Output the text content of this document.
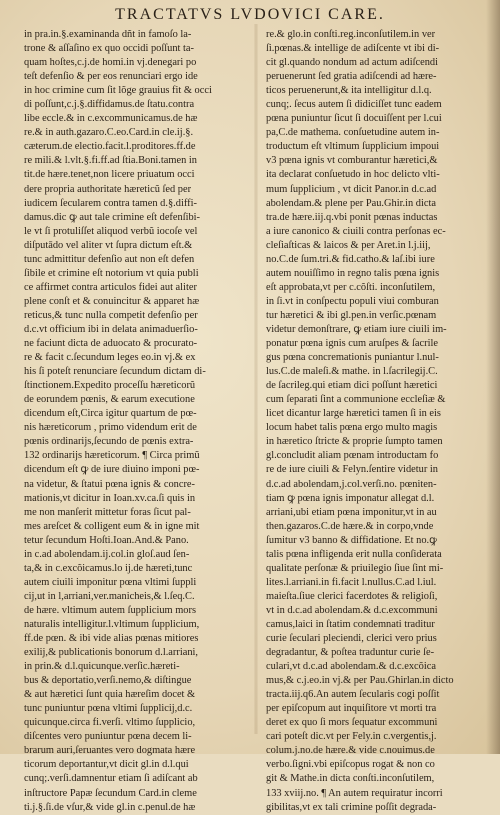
TRACTATVS LVDOVICI CARE.
in pra.in.§.examinanda dñt in famoſo la-
trone & aſſaſino ex quo occidi poſſunt ta-
quam hoſtes,c.j.de homi.in vj.denegari po
teſt defenſio & per eos renunciari ergo ide
in hoc crimine cum ſit lõge grauius fit & occi
di poſſunt,c.j.§.diffidamus.de ſtatu.contra
libe eccle.& in c.excommunicamus.de hæ
re.& in auth.gazaro.C.eo.Card.in cle.ij.§.
cæterum.de electio.facit.l.proditores.ff.de
re mili.& l.vlt.§.fi.ff.ad ſtia.Boni.tamen in
tit.de hære.tenet,non licere priuatum occi
dere propria authoritate hæreticũ ſed per
iudicem ſecularem contra tamen d.§.diffi-
damus.dic ꝙ aut tale crimine eſt defenſibi-
le vt ſi protuliſſet aliquod verbũ iocoſe vel
diſputādo vel aliter vt ſupra dictum eſt.&
tunc admittitur defenſio aut non eſt defen
ſibile et crimine eſt notorium vt quia publi
ce affirmet contra articulos fidei aut aliter
plene conſt et & conuincitur & apparet hæ
reticus,& tunc nulla competit defenſio per
d.c.vt officium ibi in delata animaduerſio-
ne faciunt dicta de aduocato & procurato-
re & facit c.ſecundum leges eo.in vj.& ex
his ſi poteſt renunciare ſecundum dictam di-
ſtinctionem.Expedito proceſſu hæreticorũ
de eorundem pœnis, & earum executione
dicendum eſt,Circa igitur quartum de pœ-
nis hæreticorum , primo videndum erit de
pœnis ordinarijs,ſecundo de pœnis extra-
132 ordinarijs hæreticorum. ¶ Circa primũ
dicendum eſt ꝙ de iure diuino imponi pœ-
na videtur, & ſtatui pœna ignis & concre-
mationis,vt dicitur in Ioan.xv.ca.ſi quis in
me non manſerit mittetur foras ſicut pal-
mes areſcet & colligent eum & in igne mit
tetur ſecundum Hoſti.Ioan.And.& Pano.
in c.ad abolendam.ij.col.in gloſ.aud ſen-
ta,& in c.excõicamus.lo ij.de hæreti,tunc
autem ciuili imponitur pœna vltimi ſuppli
cij,ut in l,arriani,ver.manicheis,& l.ſeq.C.
de hære. vltimum autem ſupplicium mors
naturalis intelligitur.l.vltimum ſupplicium,
ff.de pœn. & ibi vide alias pœnas mitiores
exilij,& publicationis bonorum d.l.arriani,
in prin.& d.l.quicunque.verſic.hæreti-
bus & deportatio,verſi.nemo,& diſtingue
& aut hæretici ſunt quia hæreſim docet &
tunc puniuntur pœna vltimi ſupplicij,d.c.
quicunque.circa fi.verſi. vltimo ſupplicio,
diſcentes vero puniuntur pœna decem li-
brarum auri,ſeruantes vero dogmata hære
ticorum deportantur,vt dicit gl.in d.l.qui
cunq;.verſi.damnentur etiam ſi adiſcant ab
inſtructore Papæ ſecundum Card.in cleme
ti.j.§.ſi.de vſur,& vide gl.in c.penul.de hæ
re.& glo.in conſti.reg.inconſutilem.in ver
ſi.pœnas.& intellige de adiſcente vt ibi di-
cit gl.quando nondum ad actum adiſcendi
peruenerunt ſed gratia adiſcendi ad hære-
ticos peruenerunt,& ita intelligitur d.l.q.
cunq;. ſecus autem ſi didiciſſet tunc eadem
pœna puniuntur ſicut ſi docuiſſent per l.cui
pa,C.de mathema. conſuetudine autem in-
troductum eſt vltimum ſupplicium impoui
v3 pœna ignis vt comburantur hæretici,&
ita declarat conſuetudo in hoc delicto vlti-
mum ſupplicium , vt dicit Panor.in d.c.ad
abolendam.& plene per Pau.Ghir.in dicta
tra.de hære.iij.q.vbi ponit pœnas inductas
a iure canonico & ciuili contra perſonas ec-
cleſiaſticas & laicos & per Aret.in l.j.iij,
no.C.de ſum.tri.& fid.catho.& laſ.ibi iure
autem nouiſſimo in regno talis pœna ignis
eſt approbata,vt per c.cõſti. inconſutilem,
in ſi.vt in conſpectu populi viui comburan
tur hæretici & ibi gl.pen.in verſic.pœnam
videtur demonſtrare, ꝙ etiam iure ciuili im-
ponatur pœna ignis cum aruſpes & ſacrile
gus pœna concremationis puniantur l.nul-
lus.C.de maleſi.& mathe. in l.ſacrilegij.C.
de ſacrileg.qui etiam dici poſſunt hæretici
cum ſeparati ſint a communione eccleſiæ &
licet dicantur large hæretici tamen ſi in eis
locum habet talis pœna ergo multo magis
in hæretico ſtricte & proprie ſumpto tamen
gl.concludit aliam pœnam introductam fo
re de iure ciuili & Felyn.ſentire videtur in
d.c.ad abolendam,j.col.verſi.no. pœniten-
tiam ꝙ pœna ignis imponatur allegat d.l.
arriani,ubi etiam pœna imponitur,vt in au
then.gazaros.C.de hære.& in corpo,vnde
ſumitur v3 banno & diffidatione. Et no.ꝙ
talis pœna infligenda erit nulla conſiderata
qualitate perſonæ & priuilegio ſiue ſint mi-
lites.l.arriani.in fi.facit l.nullus.C.ad l.iul.
maieſta.ſiue clerici facerdotes & religioſi,
vt in d.c.ad abolendam.& d.c.excommuni
camus,laici in ſtatim condemnati traditur
curie ſeculari pleciendi, clerici vero prius
degradantur, & poſtea traduntur curie ſe-
culari,vt d.c.ad abolendam.& d.c.excõica
mus,& c.j.eo.in vj.& per Pau.Ghirlan.in dicto
tracta.iij.q6.An autem ſecularis cogi poſſit
per epiſcopum aut inquiſitore vt morti tra
deret ex quo ſi mors ſequatur excommuni
cari poteſt dic.vt per Fely.in c.vergentis,j.
colum.j.no.de hære.& vide c.nouimus.de
verbo.ſigni.vbi epiſcopus rogat & non co
git & Mathe.in dicta conſti.inconſutilem,
133 xviij.no. ¶ An autem requiratur incorri
gibilitas,vt ex tali crimine poſſit degrada-
